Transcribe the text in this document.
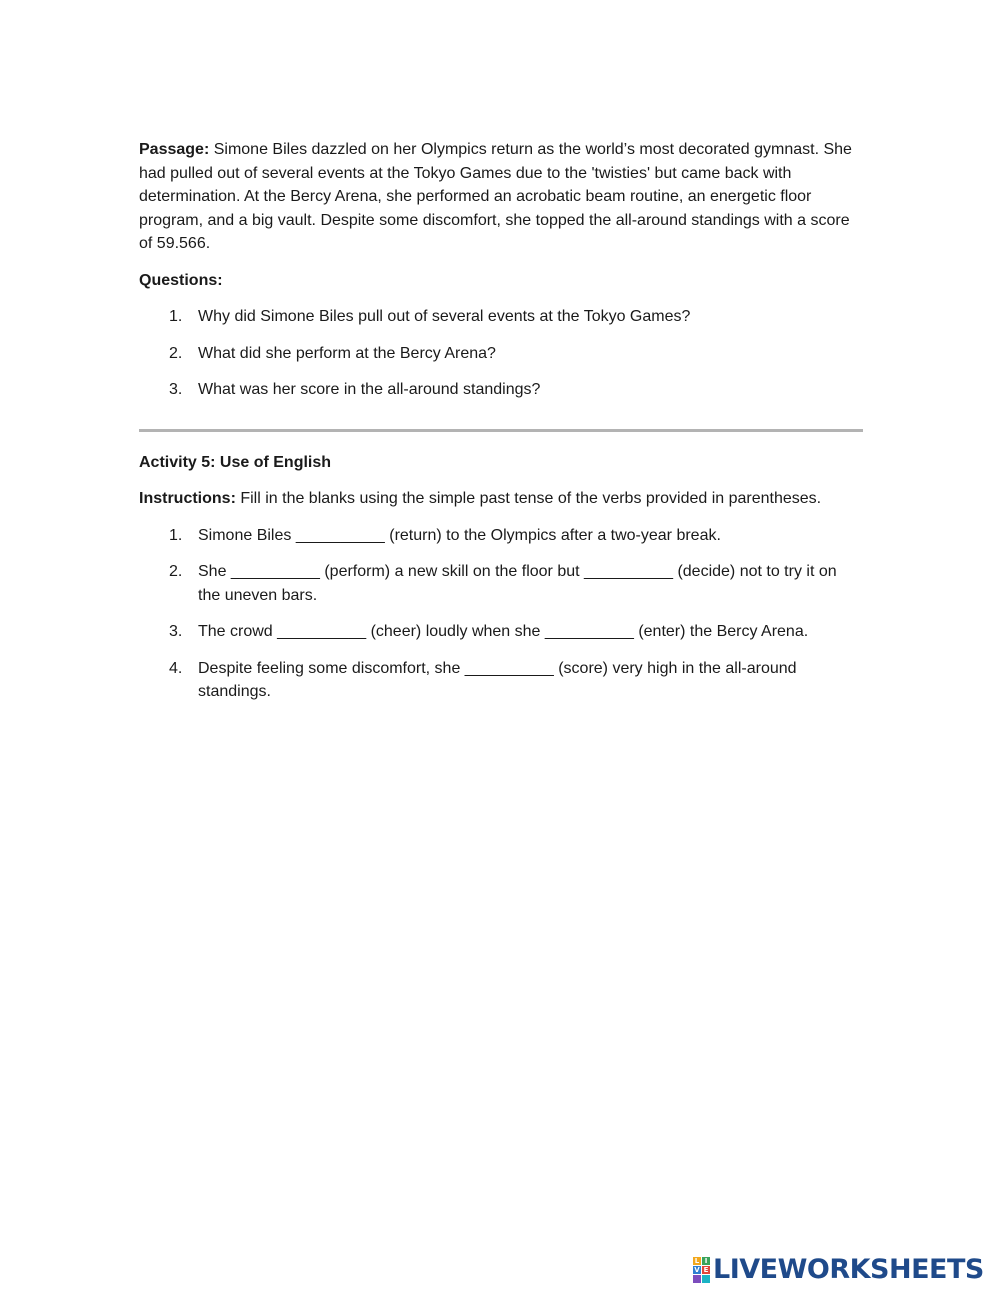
Passage: Simone Biles dazzled on her Olympics return as the world’s most decorated gymnast. She had pulled out of several events at the Tokyo Games due to the 'twisties' but came back with determination. At the Bercy Arena, she performed an acrobatic beam routine, an energetic floor program, and a big vault. Despite some discomfort, she topped the all-around standings with a score of 59.566.

Questions:

1. Why did Simone Biles pull out of several events at the Tokyo Games?
2. What did she perform at the Bercy Arena?
3. What was her score in the all-around standings?

Activity 5: Use of English

Instructions: Fill in the blanks using the simple past tense of the verbs provided in parentheses.

1. Simone Biles __________ (return) to the Olympics after a two-year break.
2. She __________ (perform) a new skill on the floor but __________ (decide) not to try it on the uneven bars.
3. The crowd __________ (cheer) loudly when she __________ (enter) the Bercy Arena.
4. Despite feeling some discomfort, she __________ (score) very high in the all-around standings.
L I
V E LIVEWORKSHEETS
